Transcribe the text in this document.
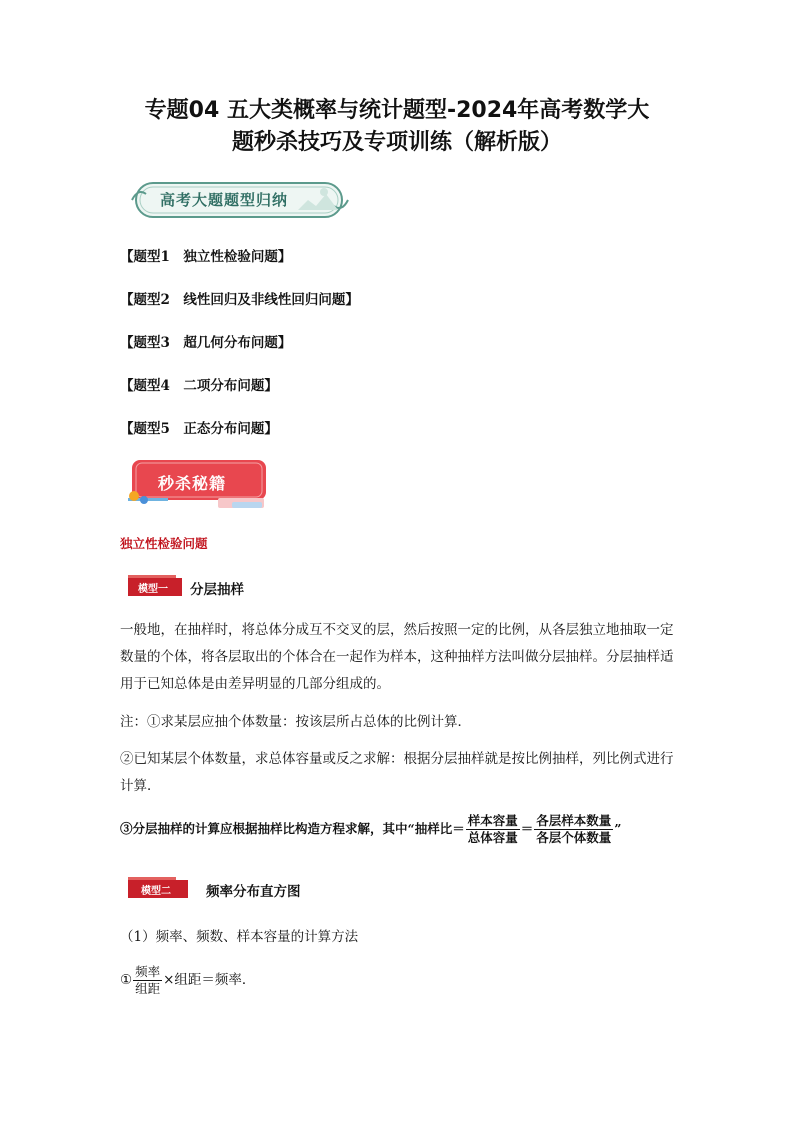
专题04 五大类概率与统计题型-2024年高考数学大
题秒杀技巧及专项训练（解析版）
高考大题题型归纳
【题型1　独立性检验问题】
【题型2　线性回归及非线性回归问题】
【题型3　超几何分布问题】
【题型4　二项分布问题】
【题型5　正态分布问题】
秒杀秘籍
独立性检验问题
模型一	分层抽样
一般地，在抽样时，将总体分成互不交叉的层，然后按照一定的比例，从各层独立地抽取一定数量的个体，将各层取出的个体合在一起作为样本，这种抽样方法叫做分层抽样。分层抽样适用于已知总体是由差异明显的几部分组成的。
注：①求某层应抽个体数量：按该层所占总体的比例计算．
②已知某层个体数量，求总体容量或反之求解：根据分层抽样就是按比例抽样，列比例式进行计算．
③分层抽样的计算应根据抽样比构造方程求解，其中“抽样比＝ $\frac{\text{样本容量}}{\text{总体容量}} = \frac{\text{各层样本数量}}{\text{各层个体数量}}$ ”
模型二	频率分布直方图
（1）频率、频数、样本容量的计算方法
① $\frac{\text{频率}}{\text{组距}}$ ×组距＝频率．
